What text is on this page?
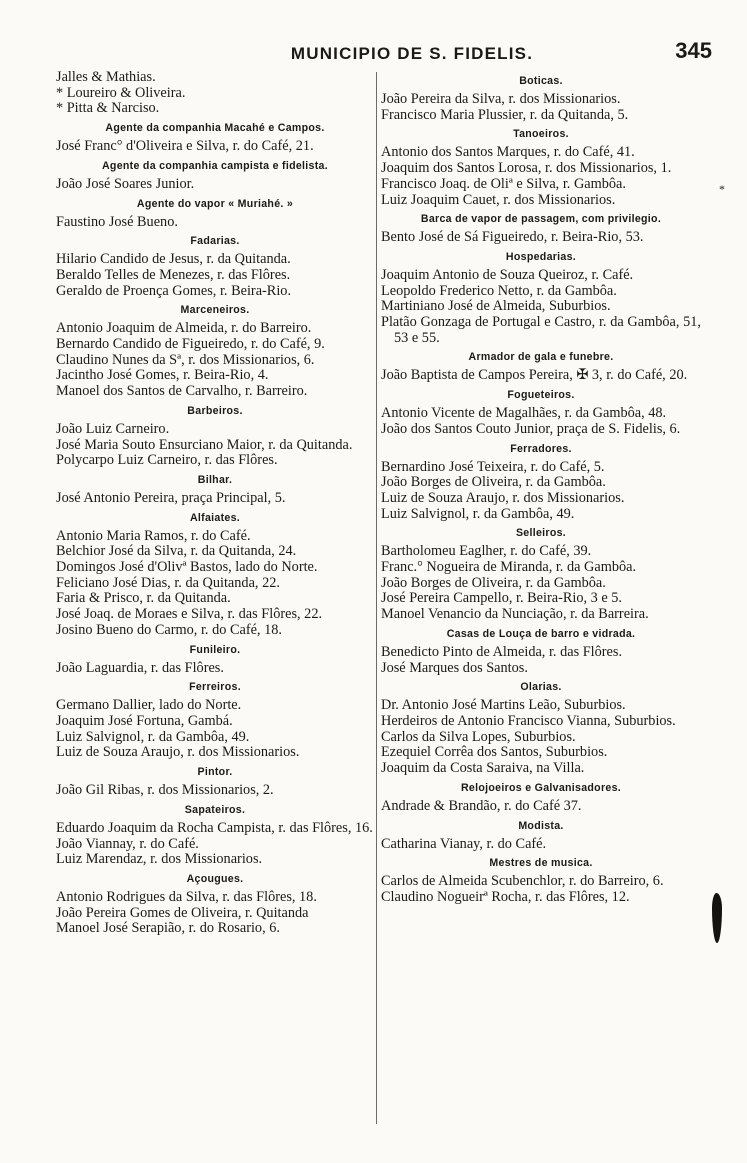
MUNICIPIO DE S. FIDELIS.	345
Jalles & Mathias.
* Loureiro & Oliveira.
* Pitta & Narciso.
Agente da companhia Macahé e Campos.
José Franc° d'Oliveira e Silva, r. do Café, 21.
Agente da companhia campista e fidelista.
João José Soares Junior.
Agente do vapor « Muriahé. »
Faustino José Bueno.
Fadarias.
Hilario Candido de Jesus, r. da Quitanda.
Beraldo Telles de Menezes, r. das Flôres.
Geraldo de Proença Gomes, r. Beira-Rio.
Marceneiros.
Antonio Joaquim de Almeida, r. do Barreiro.
Bernardo Candido de Figueiredo, r. do Café, 9.
Claudino Nunes da Sª, r. dos Missionarios, 6.
Jacintho José Gomes, r. Beira-Rio, 4.
Manoel dos Santos de Carvalho, r. Barreiro.
Barbeiros.
João Luiz Carneiro.
José Maria Souto Ensurciano Maior, r. da Quitanda.
Polycarpo Luiz Carneiro, r. das Flôres.
Bilhar.
José Antonio Pereira, praça Principal, 5.
Alfaiates.
Antonio Maria Ramos, r. do Café.
Belchior José da Silva, r. da Quitanda, 24.
Domingos José d'Olivª Bastos, lado do Norte.
Feliciano José Dias, r. da Quitanda, 22.
Faria & Prisco, r. da Quitanda.
José Joaq. de Moraes e Silva, r. das Flôres, 22.
Josino Bueno do Carmo, r. do Café, 18.
Funileiro.
João Laguardia, r. das Flôres.
Ferreiros.
Germano Dallier, lado do Norte.
Joaquim José Fortuna, Gambá.
Luiz Salvignol, r. da Gambôa, 49.
Luiz de Souza Araujo, r. dos Missionarios.
Pintor.
João Gil Ribas, r. dos Missionarios, 2.
Sapateiros.
Eduardo Joaquim da Rocha Campista, r. das Flôres, 16.
João Viannay, r. do Café.
Luiz Marendaz, r. dos Missionarios.
Açougues.
Antonio Rodrigues da Silva, r. das Flôres, 18.
João Pereira Gomes de Oliveira, r. Quitanda
Manoel José Serapião, r. do Rosario, 6.
Boticas.
João Pereira da Silva, r. dos Missionarios.
Francisco Maria Plussier, r. da Quitanda, 5.
Tanoeiros.
Antonio dos Santos Marques, r. do Café, 41.
Joaquim dos Santos Lorosa, r. dos Missionarios, 1.
Francisco Joaq. de Oliª e Silva, r. Gambôa.
Luiz Joaquim Cauet, r. dos Missionarios.
Barca de vapor de passagem, com privilegio.
Bento José de Sá Figueiredo, r. Beira-Rio, 53.
Hospedarias.
Joaquim Antonio de Souza Queiroz, r. Café.
Leopoldo Frederico Netto, r. da Gambôa.
Martiniano José de Almeida, Suburbios.
Platão Gonzaga de Portugal e Castro, r. da Gambôa, 51, 53 e 55.
Armador de gala e funebre.
João Baptista de Campos Pereira, ✠ 3, r. do Café, 20.
Fogueteiros.
Antonio Vicente de Magalhães, r. da Gambôa, 48.
João dos Santos Couto Junior, praça de S. Fidelis, 6.
Ferradores.
Bernardino José Teixeira, r. do Café, 5.
João Borges de Oliveira, r. da Gambôa.
Luiz de Souza Araujo, r. dos Missionarios.
Luiz Salvignol, r. da Gambôa, 49.
Selleiros.
Bartholomeu Eaglher, r. do Café, 39.
Franc.° Nogueira de Miranda, r. da Gambôa.
João Borges de Oliveira, r. da Gambôa.
José Pereira Campello, r. Beira-Rio, 3 e 5.
Manoel Venancio da Nunciação, r. da Barreira.
Casas de Louça de barro e vidrada.
Benedicto Pinto de Almeida, r. das Flôres.
José Marques dos Santos.
Olarias.
Dr. Antonio José Martins Leão, Suburbios.
Herdeiros de Antonio Francisco Vianna, Suburbios.
Carlos da Silva Lopes, Suburbios.
Ezequiel Corrêa dos Santos, Suburbios.
Joaquim da Costa Saraiva, na Villa.
Relojoeiros e Galvanisadores.
Andrade & Brandão, r. do Café 37.
Modista.
Catharina Vianay, r. do Café.
Mestres de musica.
Carlos de Almeida Scubenchlor, r. do Barreiro, 6.
Claudino Nogueirª Rocha, r. das Flôres, 12.
*
